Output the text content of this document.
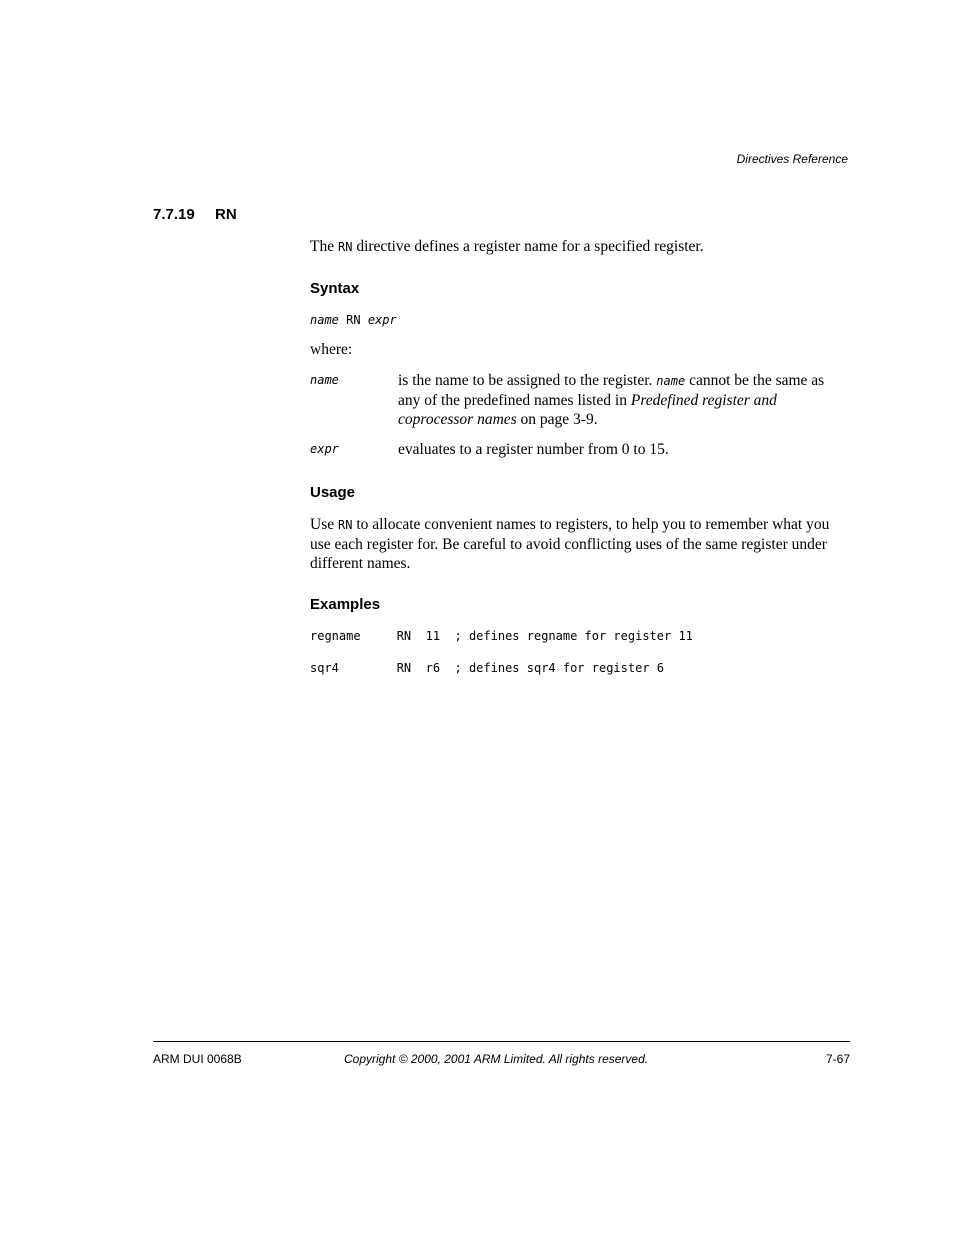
Directives Reference
7.7.19 RN

The RN directive defines a register name for a specified register.

Syntax

name RN expr

where:

name	is the name to be assigned to the register. name cannot be the same as any of the predefined names listed in Predefined register and coprocessor names on page 3-9.
expr	evaluates to a register number from 0 to 15.

Usage

Use RN to allocate convenient names to registers, to help you to remember what you use each register for. Be careful to avoid conflicting uses of the same register under different names.

Examples

regname     RN  11  ; defines regname for register 11
sqr4        RN  r6  ; defines sqr4 for register 6
ARM DUI 0068B	Copyright © 2000, 2001 ARM Limited. All rights reserved.	7-67
